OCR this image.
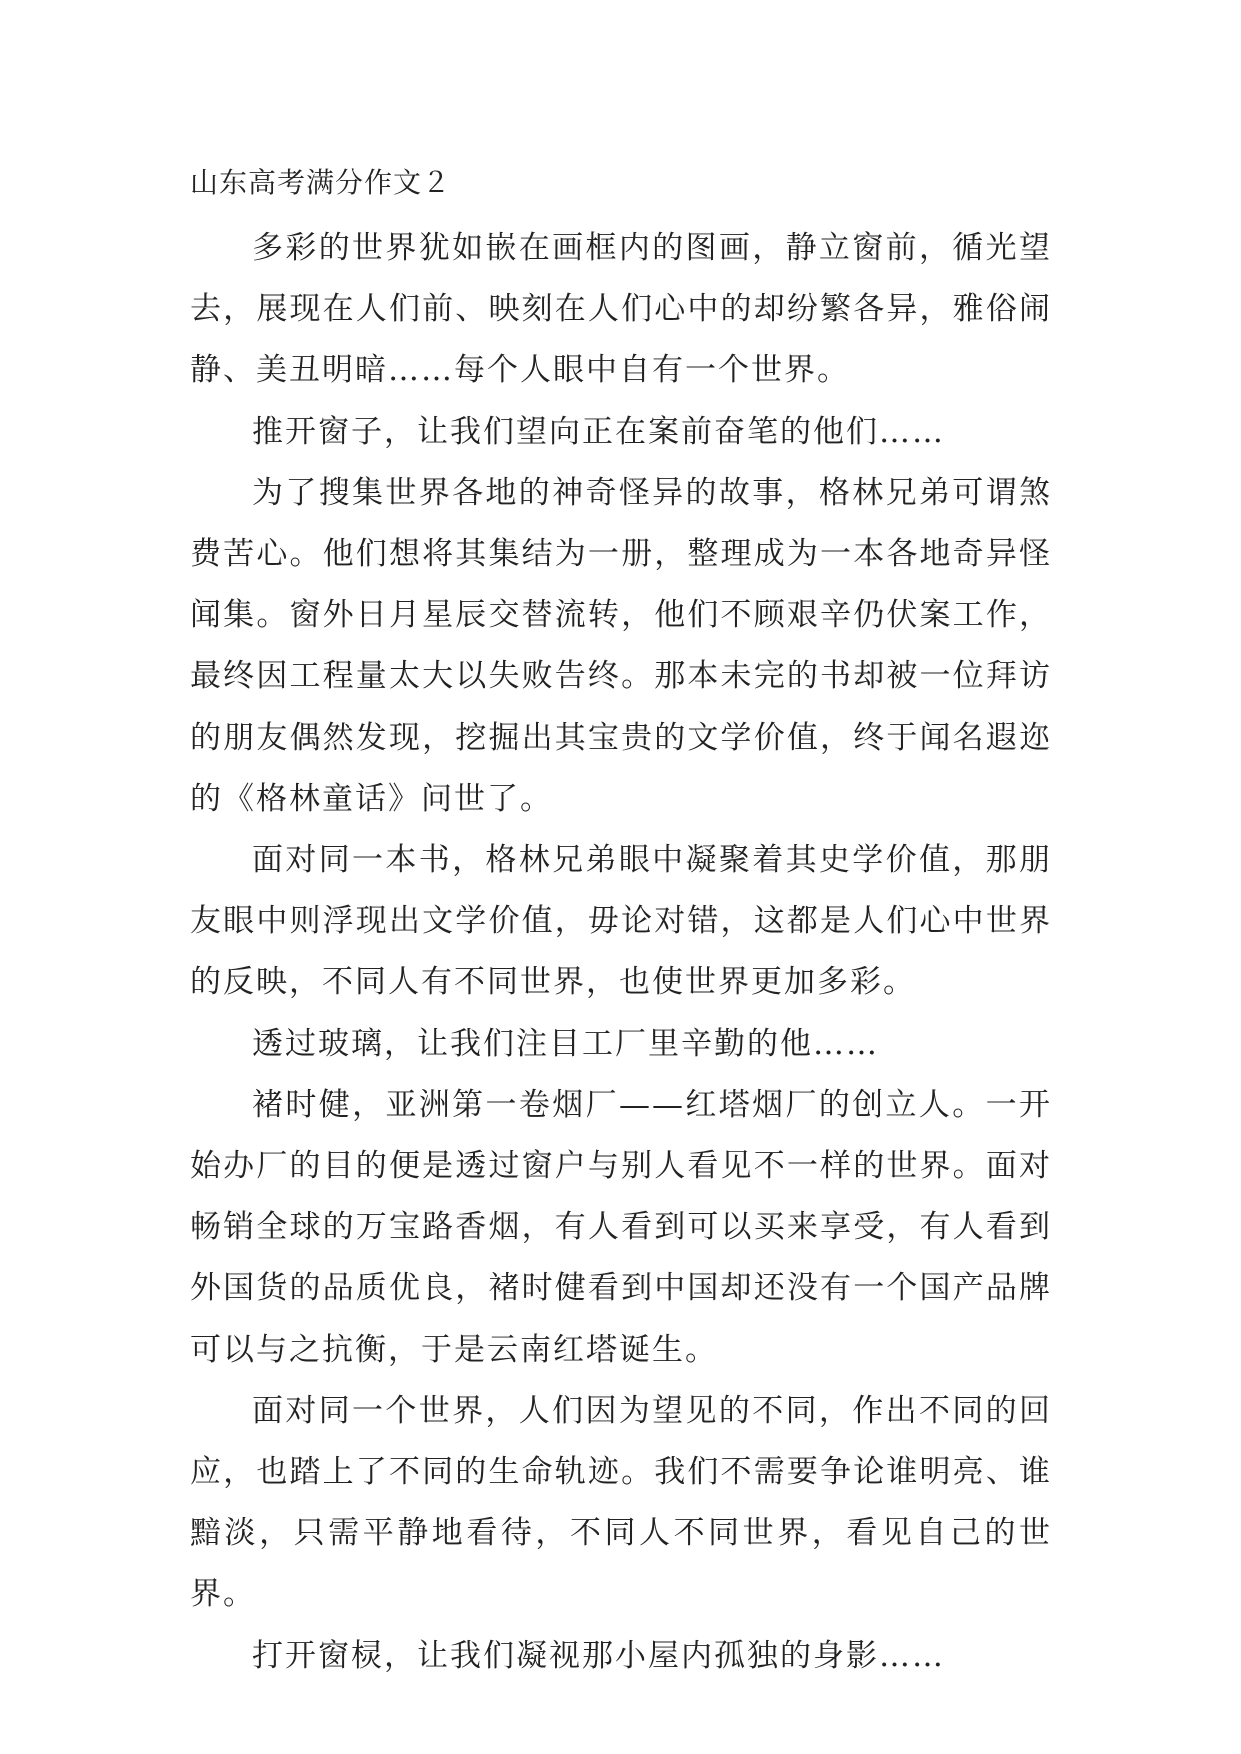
山东高考满分作文２

多彩的世界犹如嵌在画框内的图画，静立窗前，循光望去，展现在人们前、映刻在人们心中的却纷繁各异，雅俗闹静、美丑明暗……每个人眼中自有一个世界。

推开窗子，让我们望向正在案前奋笔的他们……

为了搜集世界各地的神奇怪异的故事，格林兄弟可谓煞费苦心。他们想将其集结为一册，整理成为一本各地奇异怪闻集。窗外日月星辰交替流转，他们不顾艰辛仍伏案工作，最终因工程量太大以失败告终。那本未完的书却被一位拜访的朋友偶然发现，挖掘出其宝贵的文学价值，终于闻名遐迩的《格林童话》问世了。

面对同一本书，格林兄弟眼中凝聚着其史学价值，那朋友眼中则浮现出文学价值，毋论对错，这都是人们心中世界的反映，不同人有不同世界，也使世界更加多彩。

透过玻璃，让我们注目工厂里辛勤的他……

褚时健，亚洲第一卷烟厂——红塔烟厂的创立人。一开始办厂的目的便是透过窗户与别人看见不一样的世界。面对畅销全球的万宝路香烟，有人看到可以买来享受，有人看到外国货的品质优良，褚时健看到中国却还没有一个国产品牌可以与之抗衡，于是云南红塔诞生。

面对同一个世界，人们因为望见的不同，作出不同的回应，也踏上了不同的生命轨迹。我们不需要争论谁明亮、谁黯淡，只需平静地看待，不同人不同世界，看见自己的世界。

打开窗棂，让我们凝视那小屋内孤独的身影……
